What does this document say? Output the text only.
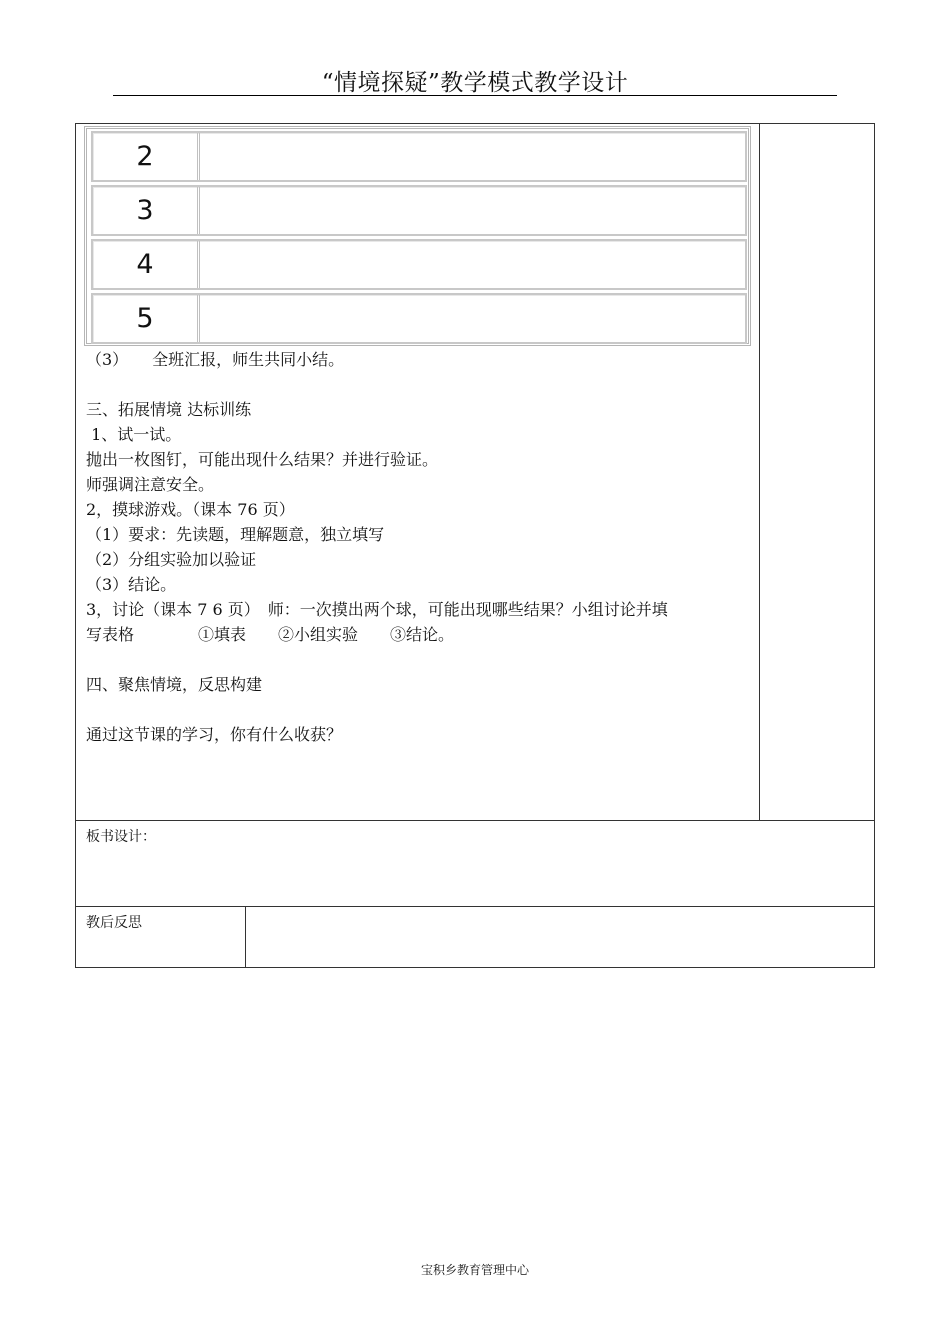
“情境探疑”教学模式教学设计
2
3
4
5
（3）　　全班汇报，师生共同小结。
三、拓展情境 达标训练
1、试一试。
抛出一枚图钉，可能出现什么结果？并进行验证。
师强调注意安全。
2，摸球游戏。（课本 76 页）
（1）要求：先读题，理解题意，独立填写
（2）分组实验加以验证
（3）结论。
3，讨论（课本 7 6 页）　师：一次摸出两个球，可能出现哪些结果？小组讨论并填
写表格　　　　①填表　　②小组实验　　③结论。
四、聚焦情境，反思构建
通过这节课的学习，你有什么收获？
板书设计：
教后反思
宝积乡教育管理中心
